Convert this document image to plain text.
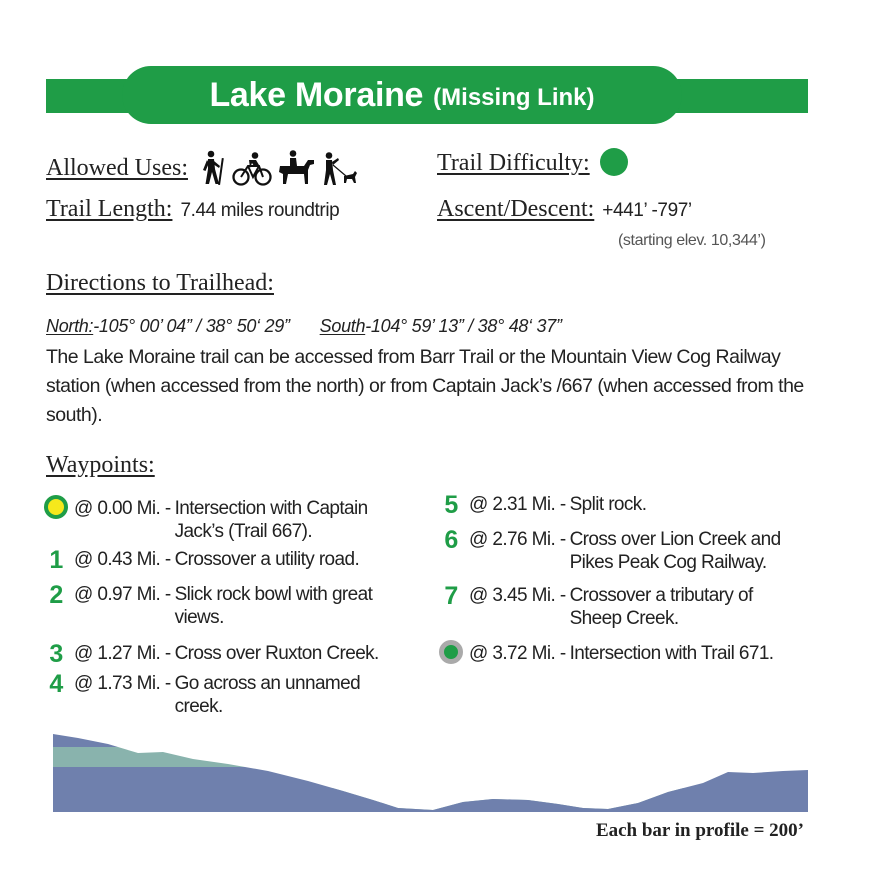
Lake Moraine (Missing Link)
Allowed Uses:	Trail Difficulty:
Trail Length: 7.44 miles roundtrip	Ascent/Descent: +441’ -797’
(starting elev. 10,344’)
Directions to Trailhead:
North:-105° 00’ 04” / 38° 50‘ 29” South-104° 59’ 13” / 38° 48‘ 37”
The Lake Moraine trail can be accessed from Barr Trail or the Mountain View Cog Railway station (when accessed from the north) or from Captain Jack’s /667 (when accessed from the south).
Waypoints:
@ 0.00 Mi. - Intersection with Captain
Jack’s (Trail 667).
1 @ 0.43 Mi. - Crossover a utility road.
2 @ 0.97 Mi. - Slick rock bowl with great
views.
3 @ 1.27 Mi. - Cross over Ruxton Creek.
4 @ 1.73 Mi. - Go across an unnamed
creek.
5 @ 2.31 Mi. - Split rock.
6 @ 2.76 Mi. - Cross over Lion Creek and
Pikes Peak Cog Railway.
7 @ 3.45 Mi. - Crossover a tributary of
Sheep Creek.
@ 3.72 Mi. - Intersection with Trail 671.
Each bar in profile = 200’
